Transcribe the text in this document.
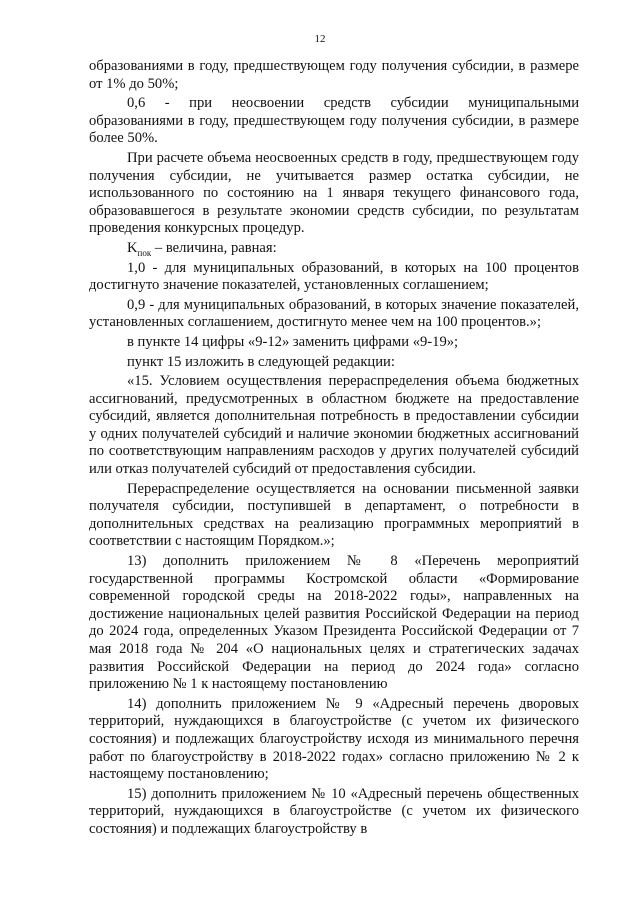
12

образованиями в году, предшествующем году получения субсидии, в размере от 1% до 50%;

0,6 - при неосвоении средств субсидии муниципальными образованиями в году, предшествующем году получения субсидии, в размере более 50%.

При расчете объема неосвоенных средств в году, предшествующем году получения субсидии, не учитывается размер остатка субсидии, не использованного по состоянию на 1 января текущего финансового года, образовавшегося в результате экономии средств субсидии, по результатам проведения конкурсных процедур.

$K_{пок}$ – величина, равная:

1,0 - для муниципальных образований, в которых на 100 процентов достигнуто значение показателей, установленных соглашением;

0,9 - для муниципальных образований, в которых значение показателей, установленных соглашением, достигнуто менее чем на 100 процентов.»;

в пункте 14 цифры «9-12» заменить цифрами «9-19»;

пункт 15 изложить в следующей редакции:

«15. Условием осуществления перераспределения объема бюджетных ассигнований, предусмотренных в областном бюджете на предоставление субсидий, является дополнительная потребность в предоставлении субсидии у одних получателей субсидий и наличие экономии бюджетных ассигнований по соответствующим направлениям расходов у других получателей субсидий или отказ получателей субсидий от предоставления субсидии.

Перераспределение осуществляется на основании письменной заявки получателя субсидии, поступившей в департамент, о потребности в дополнительных средствах на реализацию программных мероприятий в соответствии с настоящим Порядком.»;

13) дополнить приложением № 8 «Перечень мероприятий государственной программы Костромской области «Формирование современной городской среды на 2018-2022 годы», направленных на достижение национальных целей развития Российской Федерации на период до 2024 года, определенных Указом Президента Российской Федерации от 7 мая 2018 года № 204 «О национальных целях и стратегических задачах развития Российской Федерации на период до 2024 года» согласно приложению № 1 к настоящему постановлению

14) дополнить приложением № 9 «Адресный перечень дворовых территорий, нуждающихся в благоустройстве (с учетом их физического состояния) и подлежащих благоустройству исходя из минимального перечня работ по благоустройству в 2018-2022 годах» согласно приложению № 2 к настоящему постановлению;

15) дополнить приложением № 10 «Адресный перечень общественных территорий, нуждающихся в благоустройстве (с учетом их физического состояния) и подлежащих благоустройству в
